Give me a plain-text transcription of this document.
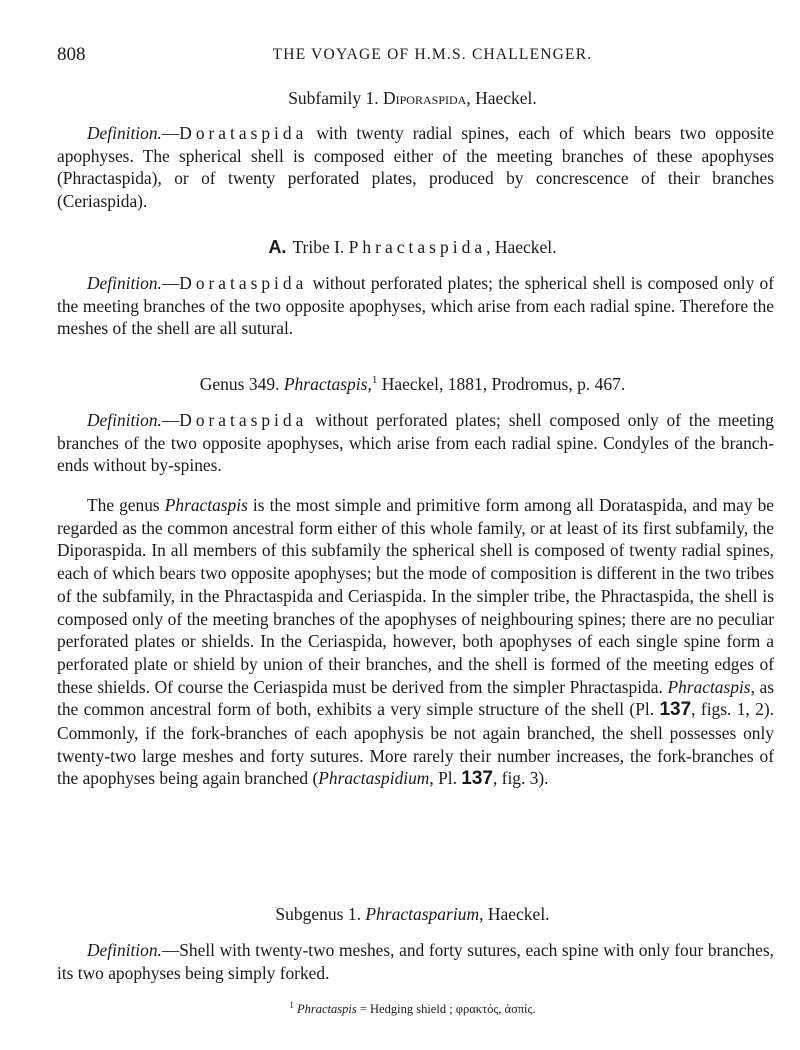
808	THE VOYAGE OF H.M.S. CHALLENGER.
Subfamily 1. Diporaspida, Haeckel.

Definition.—Dorataspida with twenty radial spines, each of which bears two opposite apophyses. The spherical shell is composed either of the meeting branches of these apophyses (Phractaspida), or of twenty perforated plates, produced by concrescence of their branches (Ceriaspida).

A. Tribe I. Phractaspida, Haeckel.

Definition.—Dorataspida without perforated plates; the spherical shell is composed only of the meeting branches of the two opposite apophyses, which arise from each radial spine. Therefore the meshes of the shell are all sutural.

Genus 349. Phractaspis,$^1$ Haeckel, 1881, Prodromus, p. 467.

Definition.—Dorataspida without perforated plates; shell composed only of the meeting branches of the two opposite apophyses, which arise from each radial spine. Condyles of the branch-ends without by-spines.

The genus Phractaspis is the most simple and primitive form among all Dorataspida, and may be regarded as the common ancestral form either of this whole family, or at least of its first subfamily, the Diporaspida. In all members of this subfamily the spherical shell is composed of twenty radial spines, each of which bears two opposite apophyses; but the mode of composition is different in the two tribes of the subfamily, in the Phractaspida and Ceriaspida. In the simpler tribe, the Phractaspida, the shell is composed only of the meeting branches of the apophyses of neighbouring spines; there are no peculiar perforated plates or shields. In the Ceriaspida, however, both apophyses of each single spine form a perforated plate or shield by union of their branches, and the shell is formed of the meeting edges of these shields. Of course the Ceriaspida must be derived from the simpler Phractaspida. Phractaspis, as the common ancestral form of both, exhibits a very simple structure of the shell (Pl. 137, figs. 1, 2). Commonly, if the fork-branches of each apophysis be not again branched, the shell possesses only twenty-two large meshes and forty sutures. More rarely their number increases, the fork-branches of the apophyses being again branched (Phractaspidium, Pl. 137, fig. 3).

Subgenus 1. Phractasparium, Haeckel.

Definition.—Shell with twenty-two meshes, and forty sutures, each spine with only four branches, its two apophyses being simply forked.

$^1$ Phractaspis = Hedging shield ; φρακτός, ἀσπίς.
